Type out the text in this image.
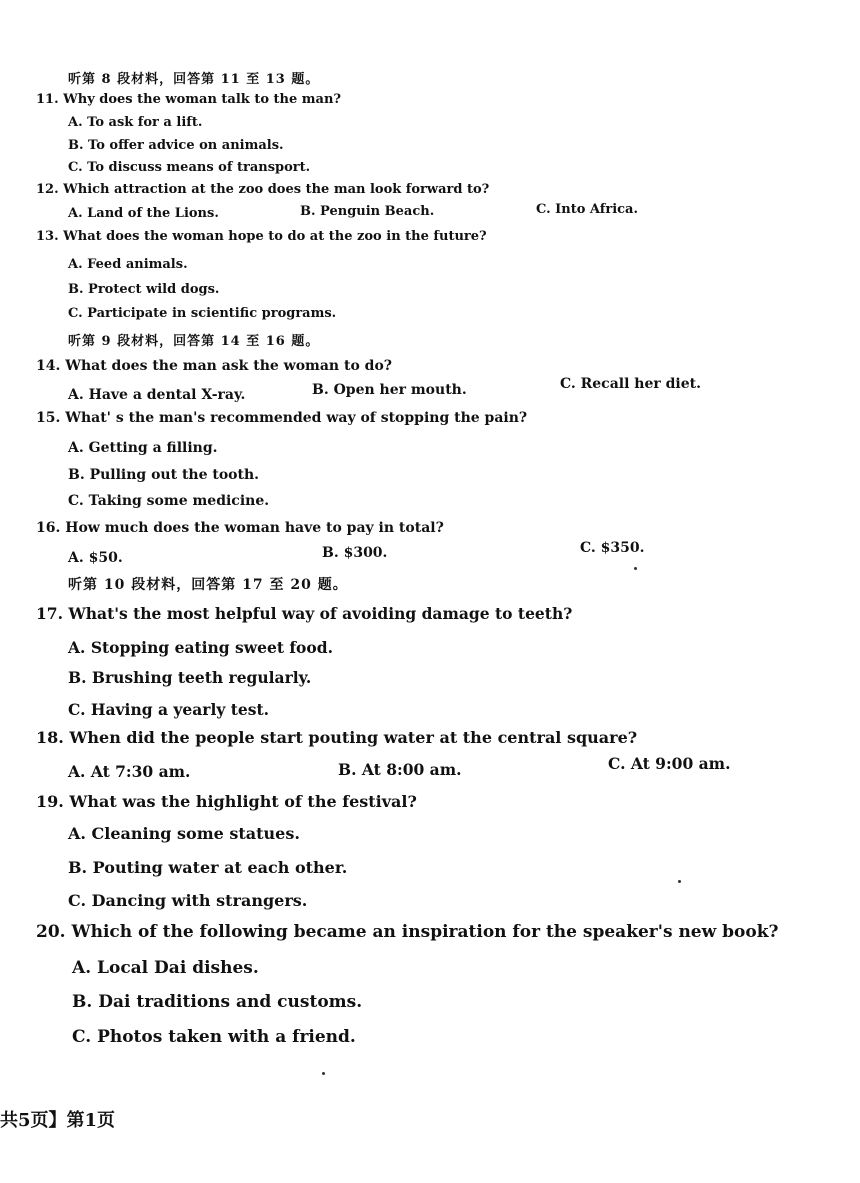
听第 8 段材料，回答第 11 至 13 题。
11. Why does the woman talk to the man?
A. To ask for a lift.
B. To offer advice on animals.
C. To discuss means of transport.
12. Which attraction at the zoo does the man look forward to?
A. Land of the Lions.	B. Penguin Beach.	C. Into Africa.
13. What does the woman hope to do at the zoo in the future?
A. Feed animals.
B. Protect wild dogs.
C. Participate in scientific programs.
听第 9 段材料，回答第 14 至 16 题。
14. What does the man ask the woman to do?
A. Have a dental X-ray.	B. Open her mouth.	C. Recall her diet.
15. What' s the man's recommended way of stopping the pain?
A. Getting a filling.
B. Pulling out the tooth.
C. Taking some medicine.
16. How much does the woman have to pay in total?
A. $50.	B. $300.	C. $350.
听第 10 段材料，回答第 17 至 20 题。
17. What's the most helpful way of avoiding damage to teeth?
A. Stopping eating sweet food.
B. Brushing teeth regularly.
C. Having a yearly test.
18. When did the people start pouting water at the central square?
A. At 7:30 am.	B. At 8:00 am.	C. At 9:00 am.
19. What was the highlight of the festival?
A. Cleaning some statues.
B. Pouting water at each other.
C. Dancing with strangers.
20. Which of the following became an inspiration for the speaker's new book?
A. Local Dai dishes.
B. Dai traditions and customs.
C. Photos taken with a friend.
共5页】第1页
